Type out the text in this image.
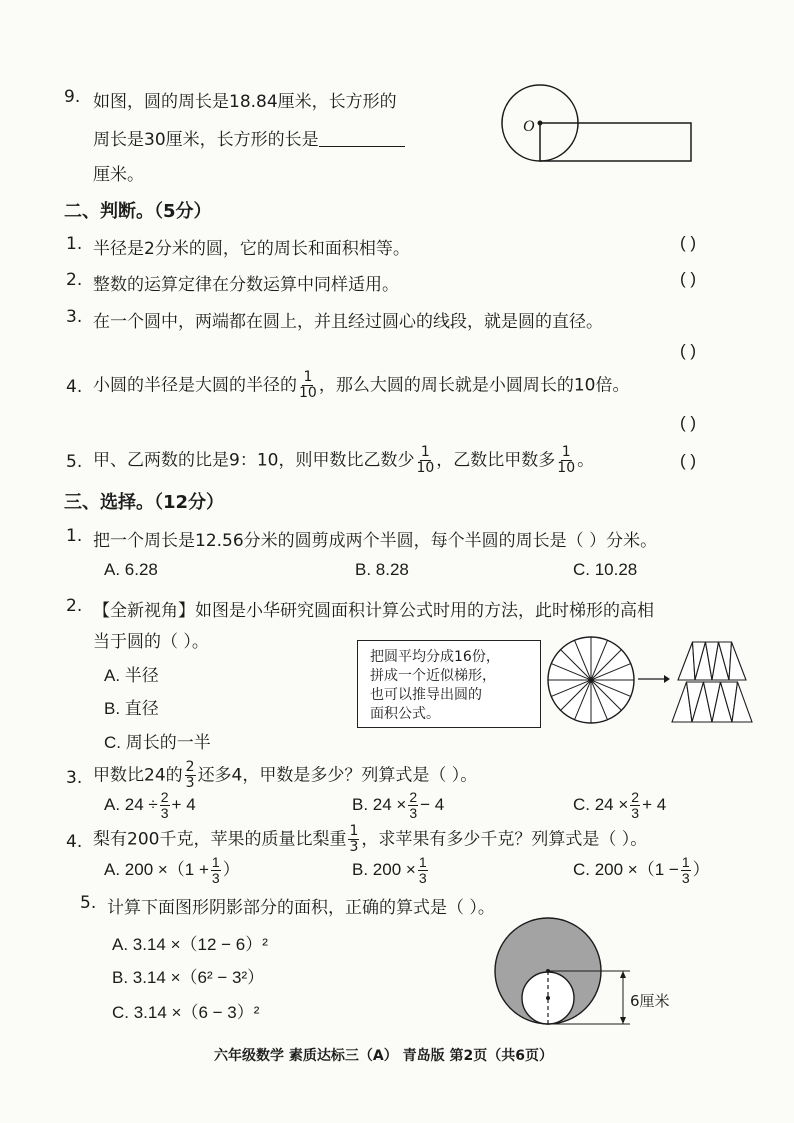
9. 如图，圆的周长是18.84厘米，长方形的
周长是30厘米，长方形的长是
厘米。
O
二、判断。（5分）
1. 半径是2分米的圆，它的周长和面积相等。	( )
2. 整数的运算定律在分数运算中同样适用。	( )
3. 在一个圆中，两端都在圆上，并且经过圆心的线段，就是圆的直径。
( )
4. 小圆的半径是大圆的半径的 $\frac{1}{10}$ ，那么大圆的周长就是小圆周长的10倍。
( )
5. 甲、乙两数的比是9：10，则甲数比乙数少 $\frac{1}{10}$ ，乙数比甲数多 $\frac{1}{10}$ 。	( )
三、选择。（12分）
1. 把一个周长是12.56分米的圆剪成两个半圆，每个半圆的周长是（ ）分米。
A. 6.28	B. 8.28	C. 10.28
2. 【全新视角】如图是小华研究圆面积计算公式时用的方法，此时梯形的高相
当于圆的（ ）。
A. 半径
B. 直径
C. 周长的一半
把圆平均分成16份，
拼成一个近似梯形，
也可以推导出圆的
面积公式。
3. 甲数比24的 $\frac{2}{3}$ 还多4，甲数是多少？列算式是（ ）。
A. $24 \div \frac{2}{3} + 4$	B. $24 \times \frac{2}{3} - 4$	C. $24 \times \frac{2}{3} + 4$
4. 梨有200千克，苹果的质量比梨重 $\frac{1}{3}$ ，求苹果有多少千克？列算式是（ ）。
A. $200 \times(1 + \frac{1}{3}$ ）	B. $200 \times \frac{1}{3}$	C. $200 \times(1 - \frac{1}{3}$ ）
5. 计算下面图形阴影部分的面积，正确的算式是（ ）。
A. 3.14 ×（12 − 6）²
B. 3.14 ×（6² − 3²）
C. 3.14 ×（6 − 3）²
6厘米
六年级数学 素质达标三（A） 青岛版 第2页（共6页）
